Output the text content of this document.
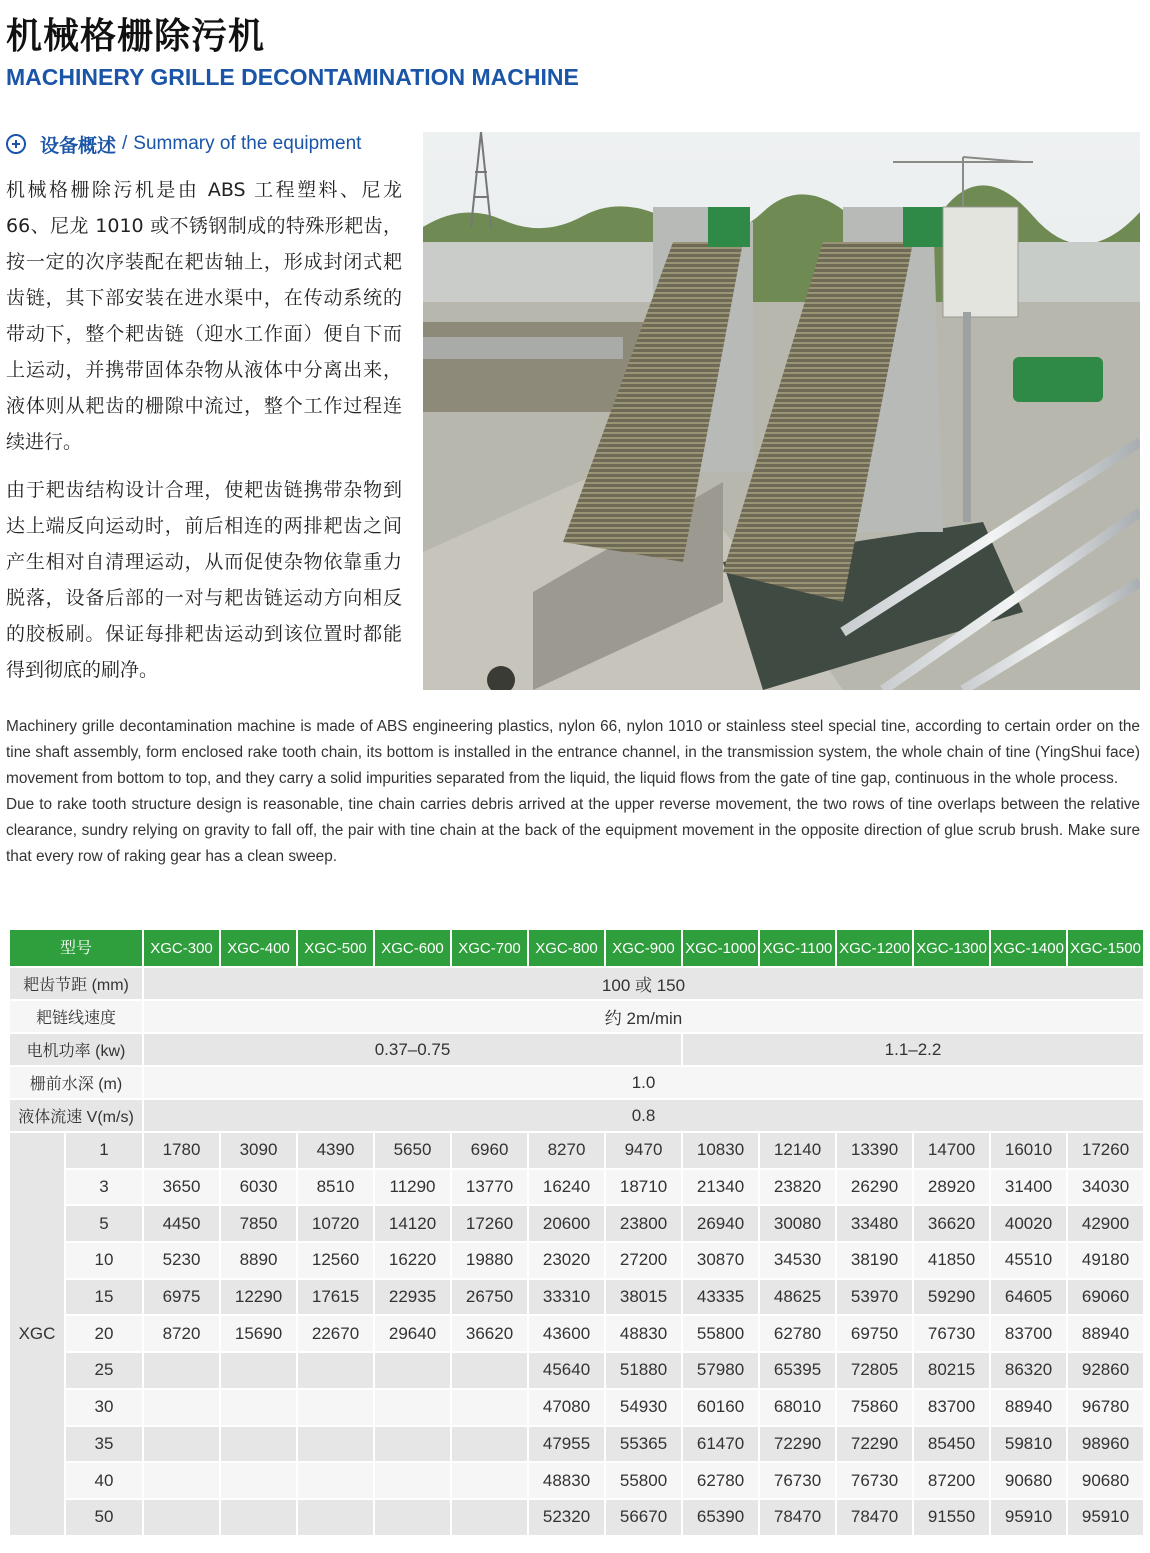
机械格栅除污机
MACHINERY GRILLE DECONTAMINATION MACHINE
设备概述 / Summary of the equipment

机械格栅除污机是由 ABS 工程塑料、尼龙 66、尼龙 1010 或不锈钢制成的特殊形耙齿，按一定的次序装配在耙齿轴上，形成封闭式耙齿链，其下部安装在进水渠中，在传动系统的带动下，整个耙齿链（迎水工作面）便自下而上运动，并携带固体杂物从液体中分离出来，液体则从耙齿的栅隙中流过，整个工作过程连续进行。

由于耙齿结构设计合理，使耙齿链携带杂物到达上端反向运动时，前后相连的两排耙齿之间产生相对自清理运动，从而促使杂物依靠重力脱落，设备后部的一对与耙齿链运动方向相反的胶板刷。保证每排耙齿运动到该位置时都能得到彻底的刷净。

Machinery grille decontamination machine is made of ABS engineering plastics, nylon 66, nylon 1010 or stainless steel special tine, according to certain order on the tine shaft assembly, form enclosed rake tooth chain, its bottom is installed in the entrance channel, in the transmission system, the whole chain of tine (YingShui face) movement from bottom to top, and they carry a solid impurities separated from the liquid, the liquid flows from the gate of tine gap, continuous in the whole process.

Due to rake tooth structure design is reasonable, tine chain carries debris arrived at the upper reverse movement, the two rows of tine overlaps between the relative clearance, sundry relying on gravity to fall off, the pair with tine chain at the back of the equipment movement in the opposite direction of glue scrub brush. Make sure that every row of raking gear has a clean sweep.

型号		XGC-300	XGC-400	XGC-500	XGC-600	XGC-700	XGC-800	XGC-900	XGC-1000	XGC-1100	XGC-1200	XGC-1300	XGC-1400	XGC-1500
耙齿节距 (mm)		100 或 150												
耙链线速度		约 2m/min												
电机功率 (kw)		0.37–0.75							1.1–2.2					
栅前水深 (m)		1.0												
液体流速 V(m/s)		0.8												
XGC	1	1780	3090	4390	5650	6960	8270	9470	10830	12140	13390	14700	16010	17260
	3	3650	6030	8510	11290	13770	16240	18710	21340	23820	26290	28920	31400	34030
	5	4450	7850	10720	14120	17260	20600	23800	26940	30080	33480	36620	40020	42900
	10	5230	8890	12560	16220	19880	23020	27200	30870	34530	38190	41850	45510	49180
	15	6975	12290	17615	22935	26750	33310	38015	43335	48625	53970	59290	64605	69060
	20	8720	15690	22670	29640	36620	43600	48830	55800	62780	69750	76730	83700	88940
	25						45640	51880	57980	65395	72805	80215	86320	92860
	30						47080	54930	60160	68010	75860	83700	88940	96780
	35						47955	55365	61470	72290	72290	85450	59810	98960
	40						48830	55800	62780	76730	76730	87200	90680	90680
	50						52320	56670	65390	78470	78470	91550	95910	95910
